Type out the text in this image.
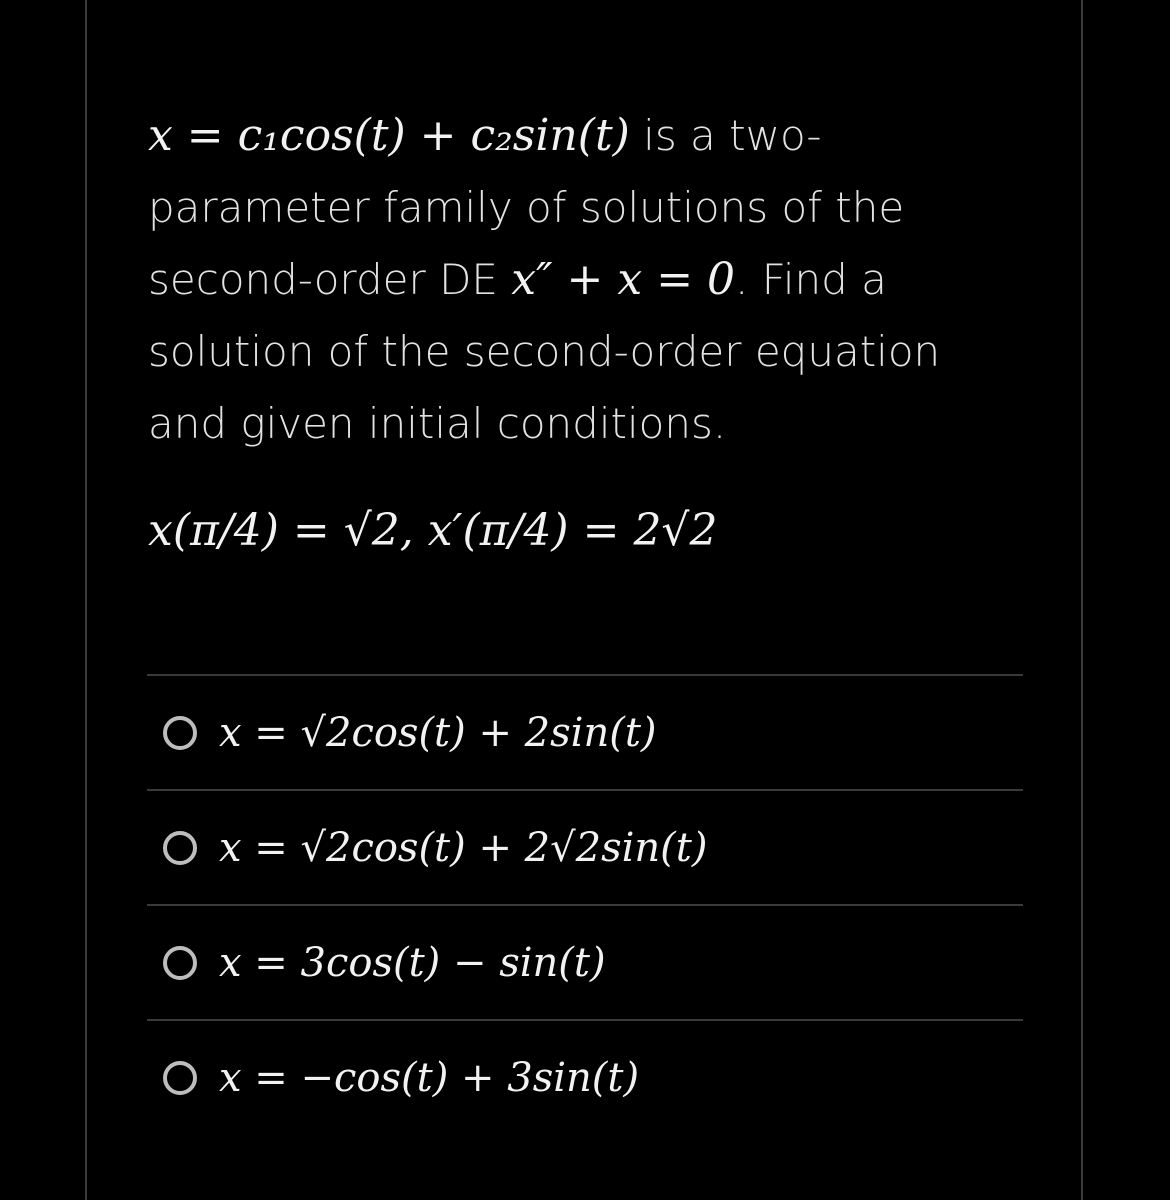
x = c₁cos(t) + c₂sin(t) is a two-parameter family of solutions of the second-order DE x″ + x = 0. Find a solution of the second-order equation and given initial conditions.
x(π/4) = √2, x′(π/4) = 2√2
x = √2cos(t) + 2sin(t)
x = √2cos(t) + 2√2sin(t)
x = 3cos(t) − sin(t)
x = −cos(t) + 3sin(t)
